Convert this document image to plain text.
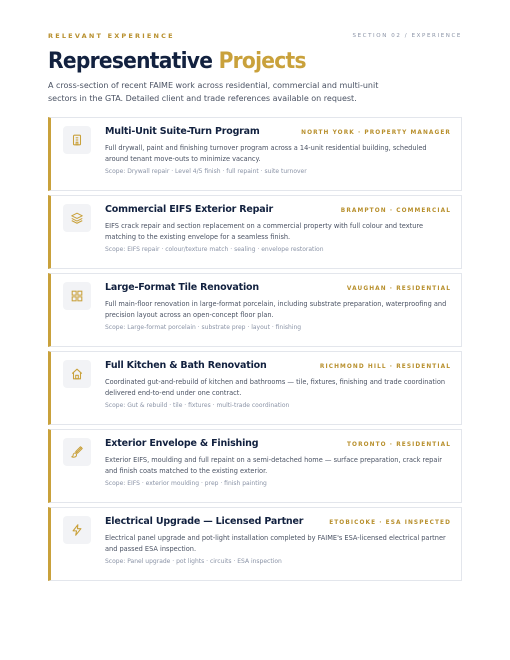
RELEVANT EXPERIENCE	SECTION 02 / EXPERIENCE
Representative Projects

A cross-section of recent FAIME work across residential, commercial and multi-unit sectors in the GTA. Detailed client and trade references available on request.

Multi-Unit Suite-Turn Program	NORTH YORK · PROPERTY MANAGER
Full drywall, paint and finishing turnover program across a 14-unit residential building, scheduled around tenant move-outs to minimize vacancy.
Scope: Drywall repair · Level 4/5 finish · full repaint · suite turnover
Commercial EIFS Exterior Repair	BRAMPTON · COMMERCIAL
EIFS crack repair and section replacement on a commercial property with full colour and texture matching to the existing envelope for a seamless finish.
Scope: EIFS repair · colour/texture match · sealing · envelope restoration
Large-Format Tile Renovation	VAUGHAN · RESIDENTIAL
Full main-floor renovation in large-format porcelain, including substrate preparation, waterproofing and precision layout across an open-concept floor plan.
Scope: Large-format porcelain · substrate prep · layout · finishing
Full Kitchen & Bath Renovation	RICHMOND HILL · RESIDENTIAL
Coordinated gut-and-rebuild of kitchen and bathrooms — tile, fixtures, finishing and trade coordination delivered end-to-end under one contract.
Scope: Gut & rebuild · tile · fixtures · multi-trade coordination
Exterior Envelope & Finishing	TORONTO · RESIDENTIAL
Exterior EIFS, moulding and full repaint on a semi-detached home — surface preparation, crack repair and finish coats matched to the existing exterior.
Scope: EIFS · exterior moulding · prep · finish painting
Electrical Upgrade — Licensed Partner	ETOBICOKE · ESA INSPECTED
Electrical panel upgrade and pot-light installation completed by FAIME's ESA-licensed electrical partner and passed ESA inspection.
Scope: Panel upgrade · pot lights · circuits · ESA inspection
